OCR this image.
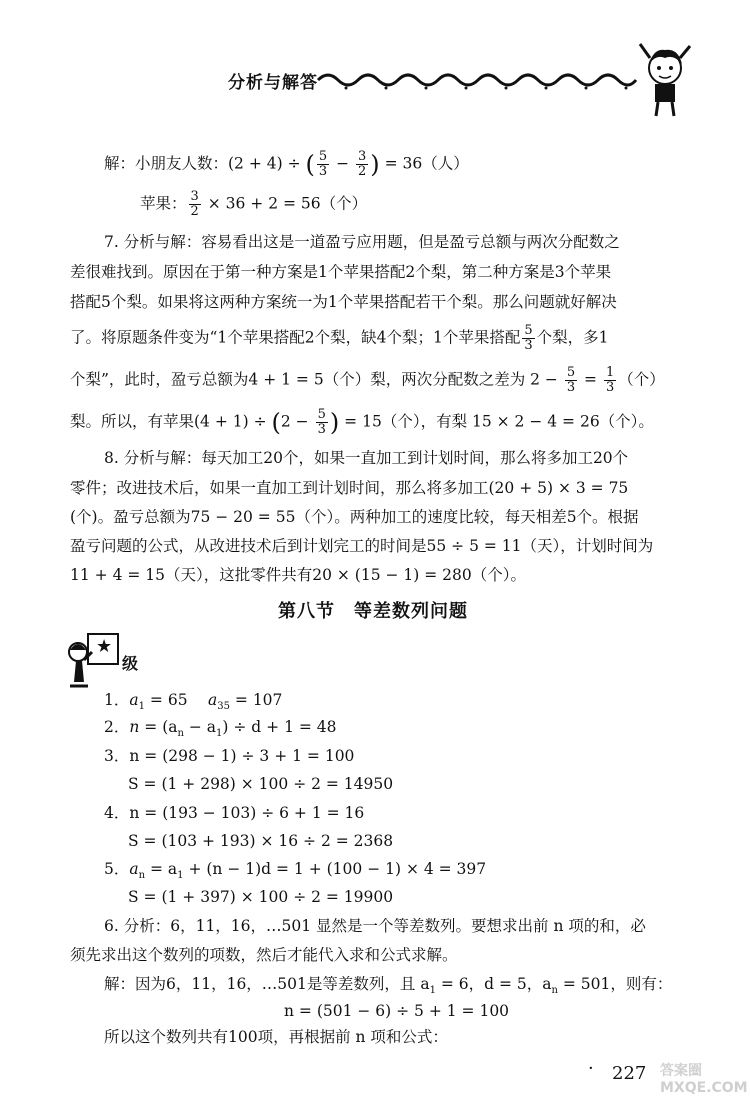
分析与解答
解：小朋友人数：(2 + 4) ÷ ( $\frac{5}{3} - \frac{3}{2}$ ) = 36（人）
苹果： $\frac{3}{2} \times 36 + 2 = 56$（个）
7. 分析与解：容易看出这是一道盈亏应用题，但是盈亏总额与两次分配数之
差很难找到。原因在于第一种方案是1个苹果搭配2个梨，第二种方案是3个苹果
搭配5个梨。如果将这两种方案统一为1个苹果搭配若干个梨。那么问题就好解决
了。将原题条件变为“1个苹果搭配2个梨，缺4个梨；1个苹果搭配 $\frac{5}{3}$ 个梨，多1
个梨”，此时，盈亏总额为4 + 1 = 5（个）梨，两次分配数之差为 $2 - \frac{5}{3} = \frac{1}{3}$ （个）
梨。所以，有苹果$(4 + 1) \div (2 - \frac{5}{3}$ ) = 15（个），有梨 15 × 2 − 4 = 26（个）。
8. 分析与解：每天加工20个，如果一直加工到计划时间，那么将多加工20个
零件；改进技术后，如果一直加工到计划时间，那么将多加工(20 + 5) × 3 = 75
(个)。盈亏总额为75 − 20 = 55（个）。两种加工的速度比较，每天相差5个。根据
盈亏问题的公式，从改进技术后到计划完工的时间是55 ÷ 5 = 11（天），计划时间为
11 + 4 = 15（天），这批零件共有20 × (15 − 1) = 280（个）。
第八节　等差数列问题
★
级
1．$a_1 = 65$　 $a_{35} = 107$
2．$n = (a_n - a_1) \div d + 1 = 48$
3．n = (298 − 1) ÷ 3 + 1 = 100
S = (1 + 298) × 100 ÷ 2 = 14950
4．n = (193 − 103) ÷ 6 + 1 = 16
S = (103 + 193) × 16 ÷ 2 = 2368
5．$a_n = a_1 + (n - 1)d = 1 + (100 - 1) \times 4 = 397$
S = (1 + 397) × 100 ÷ 2 = 19900
6. 分析：6，11，16，…501 显然是一个等差数列。要想求出前 n 项的和，必
须先求出这个数列的项数，然后才能代入求和公式求解。
解：因为6，11，16，…501是等差数列，且 $a_1 = 6$，d = 5，$a_n = 501$，则有：
n = (501 − 6) ÷ 5 + 1 = 100
所以这个数列共有100项，再根据前 n 项和公式：
· 227 答案圈 MXQE.COM
